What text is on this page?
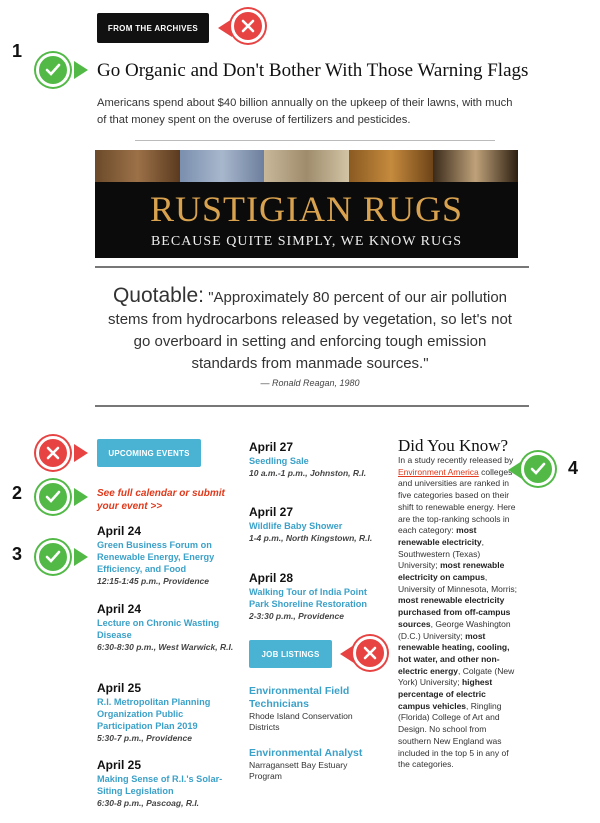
FROM THE ARCHIVES
1
Go Organic and Don't Bother With Those Warning Flags
Americans spend about $40 billion annually on the upkeep of their lawns, with much of that money spent on the overuse of fertilizers and pesticides.
RUSTIGIAN RUGS
BECAUSE QUITE SIMPLY, WE KNOW RUGS
Quotable: "Approximately 80 percent of our air pollution stems from hydrocarbons released by vegetation, so let's not go overboard in setting and enforcing tough emission standards from manmade sources."
— Ronald Reagan, 1980
UPCOMING EVENTS
2	See full calendar or submit your event >>
3
April 24
Green Business Forum on Renewable Energy, Energy Efficiency, and Food
12:15-1:45 p.m., Providence
April 24
Lecture on Chronic Wasting Disease
6:30-8:30 p.m., West Warwick, R.I.
April 25
R.I. Metropolitan Planning Organization Public Participation Plan 2019
5:30-7 p.m., Providence
April 25
Making Sense of R.I.'s Solar-Siting Legislation
6:30-8 p.m., Pascoag, R.I.
April 27
Seedling Sale
10 a.m.-1 p.m., Johnston, R.I.
April 27
Wildlife Baby Shower
1-4 p.m., North Kingstown, R.I.
April 28
Walking Tour of India Point Park Shoreline Restoration
2-3:30 p.m., Providence
JOB LISTINGS
Environmental Field Technicians
Rhode Island Conservation Districts
Environmental Analyst
Narragansett Bay Estuary Program
Did You Know?
In a study recently released by Environment America colleges and universities are ranked in five categories based on their shift to renewable energy. Here are the top-ranking schools in each category: most renewable electricity, Southwestern (Texas) University; most renewable electricity on campus, University of Minnesota, Morris; most renewable electricity purchased from off-campus sources, George Washington (D.C.) University; most renewable heating, cooling, hot water, and other non-electric energy, Colgate (New York) University; highest percentage of electric campus vehicles, Ringling (Florida) College of Art and Design. No school from southern New England was included in the top 5 in any of the categories.
4
